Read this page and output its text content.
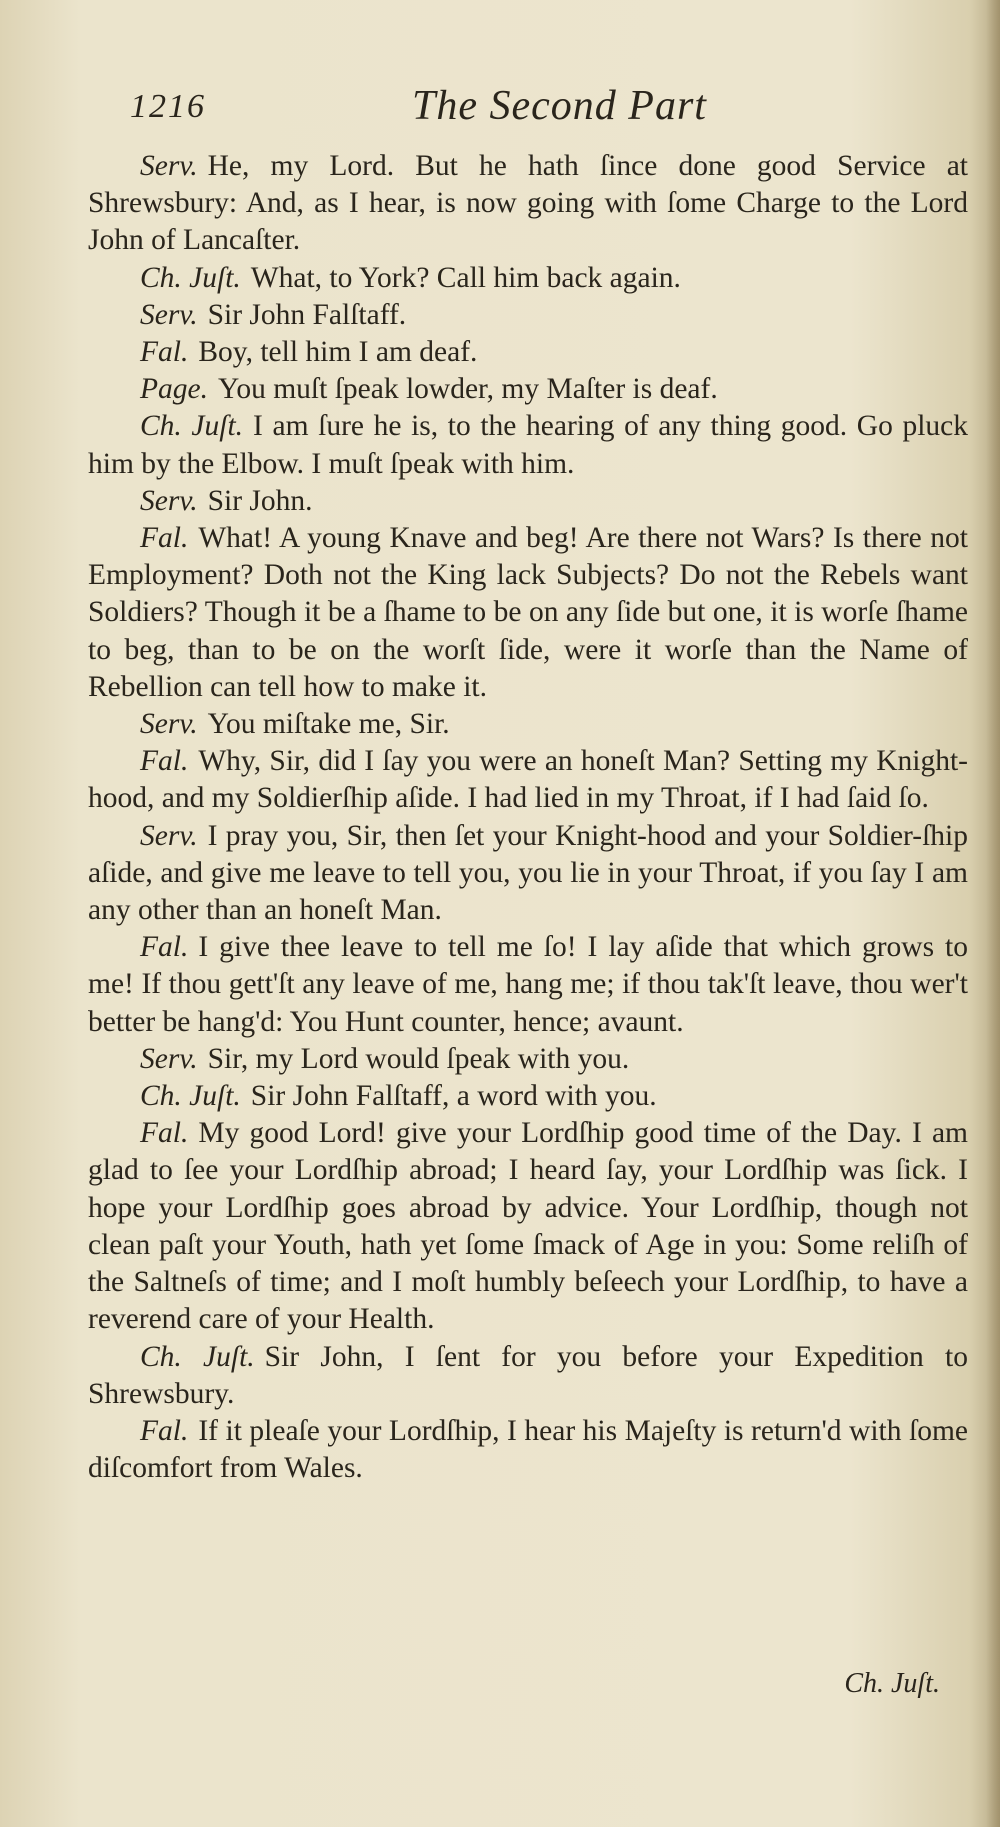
1216	The Second Part

Serv. He, my Lord. But he hath ſince done good Service at Shrewsbury: And, as I hear, is now going with ſome Charge to the Lord John of Lancaſter.

Ch. Juſt. What, to York? Call him back again.

Serv. Sir John Falſtaff.

Fal. Boy, tell him I am deaf.

Page. You muſt ſpeak lowder, my Maſter is deaf.

Ch. Juſt. I am ſure he is, to the hearing of any thing good. Go pluck him by the Elbow. I muſt ſpeak with him.

Serv. Sir John.

Fal. What! A young Knave and beg! Are there not Wars? Is there not Employment? Doth not the King lack Subjects? Do not the Rebels want Soldiers? Though it be a ſhame to be on any ſide but one, it is worſe ſhame to beg, than to be on the worſt ſide, were it worſe than the Name of Rebellion can tell how to make it.

Serv. You miſtake me, Sir.

Fal. Why, Sir, did I ſay you were an honeſt Man? Setting my Knight-hood, and my Soldierſhip aſide. I had lied in my Throat, if I had ſaid ſo.

Serv. I pray you, Sir, then ſet your Knight-hood and your Soldier-ſhip aſide, and give me leave to tell you, you lie in your Throat, if you ſay I am any other than an honeſt Man.

Fal. I give thee leave to tell me ſo! I lay aſide that which grows to me! If thou gett'ſt any leave of me, hang me; if thou tak'ſt leave, thou wer't better be hang'd: You Hunt counter, hence; avaunt.

Serv. Sir, my Lord would ſpeak with you.

Ch. Juſt. Sir John Falſtaff, a word with you.

Fal. My good Lord! give your Lordſhip good time of the Day. I am glad to ſee your Lordſhip abroad; I heard ſay, your Lordſhip was ſick. I hope your Lordſhip goes abroad by advice. Your Lordſhip, though not clean paſt your Youth, hath yet ſome ſmack of Age in you: Some reliſh of the Saltneſs of time; and I moſt humbly beſeech your Lordſhip, to have a reverend care of your Health.

Ch. Juſt. Sir John, I ſent for you before your Expedition to Shrewsbury.

Fal. If it pleaſe your Lordſhip, I hear his Majeſty is return'd with ſome diſcomfort from Wales.

Ch. Juſt.
